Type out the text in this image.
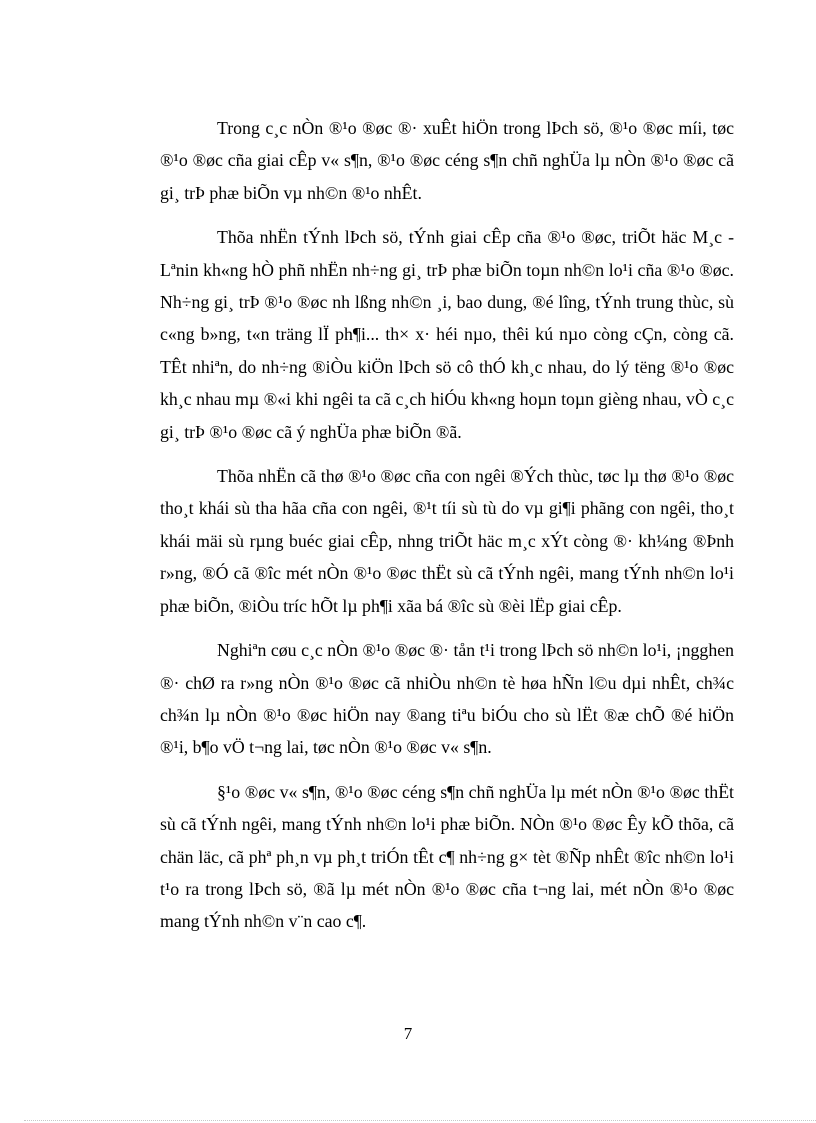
Trong c¸c nÒn ®¹o ®øc ®· xuÊt hiÖn trong lÞch sö, ®¹o ®øc míi, tøc ®¹o ®øc cña giai cÊp v« s¶n, ®¹o ®øc céng s¶n chñ nghÜa lµ nÒn ®¹o ®øc cã gi¸ trÞ phæ biÕn vµ nh©n ®¹o nhÊt.

Thõa nhËn tÝnh lÞch sö, tÝnh giai cÊp cña ®¹o ®øc, triÕt häc M¸c - Lªnin kh«ng hÒ phñ nhËn nh÷ng gi¸ trÞ phæ biÕn toµn nh©n lo¹i cña ®¹o ®øc. Nh÷ng gi¸ trÞ ®¹o ®øc nh lßng nh©n ¸i, bao dung, ®é lîng, tÝnh trung thùc, sù c«ng b»ng, t«n träng lÏ ph¶i... th× x· héi nµo, thêi kú nµo còng cÇn, còng cã. TÊt nhiªn, do nh÷ng ®iÒu kiÖn lÞch sö cô thÓ kh¸c nhau, do lý tëng ®¹o ®øc kh¸c nhau mµ ®«i khi ngêi ta cã c¸ch hiÓu kh«ng hoµn toµn gièng nhau, vÒ c¸c gi¸ trÞ ®¹o ®øc cã ý nghÜa phæ biÕn ®ã.

Thõa nhËn cã thø ®¹o ®øc cña con ngêi ®Ých thùc, tøc lµ thø ®¹o ®øc tho¸t khái sù tha hãa cña con ngêi, ®¹t tíi sù tù do vµ gi¶i phãng con ngêi, tho¸t khái mäi sù rµng buéc giai cÊp, nhng triÕt häc m¸c xÝt còng ®· kh¼ng ®Þnh r»ng, ®Ó cã ®îc mét nÒn ®¹o ®øc thËt sù cã tÝnh ngêi, mang tÝnh nh©n lo¹i phæ biÕn, ®iÒu tríc hÕt lµ ph¶i xãa bá ®îc sù ®èi lËp giai cÊp.

Nghiªn cøu c¸c nÒn ®¹o ®øc ®· tån t¹i trong lÞch sö nh©n lo¹i, ¡ngghen ®· chØ ra r»ng nÒn ®¹o ®øc cã nhiÒu nh©n tè høa hÑn l©u dµi nhÊt, ch¾c ch¾n lµ nÒn ®¹o ®øc hiÖn nay ®ang tiªu biÓu cho sù lËt ®æ chÕ ®é hiÖn ®¹i, b¶o vÖ t¬ng lai, tøc nÒn ®¹o ®øc v« s¶n.

§¹o ®øc v« s¶n, ®¹o ®øc céng s¶n chñ nghÜa lµ mét nÒn ®¹o ®øc thËt sù cã tÝnh ngêi, mang tÝnh nh©n lo¹i phæ biÕn. NÒn ®¹o ®øc Êy kÕ thõa, cã chän läc, cã phª ph¸n vµ ph¸t triÓn tÊt c¶ nh÷ng g× tèt ®Ñp nhÊt ®îc nh©n lo¹i t¹o ra trong lÞch sö, ®ã lµ mét nÒn ®¹o ®øc cña t¬ng lai, mét nÒn ®¹o ®øc mang tÝnh nh©n v¨n cao c¶.

7
